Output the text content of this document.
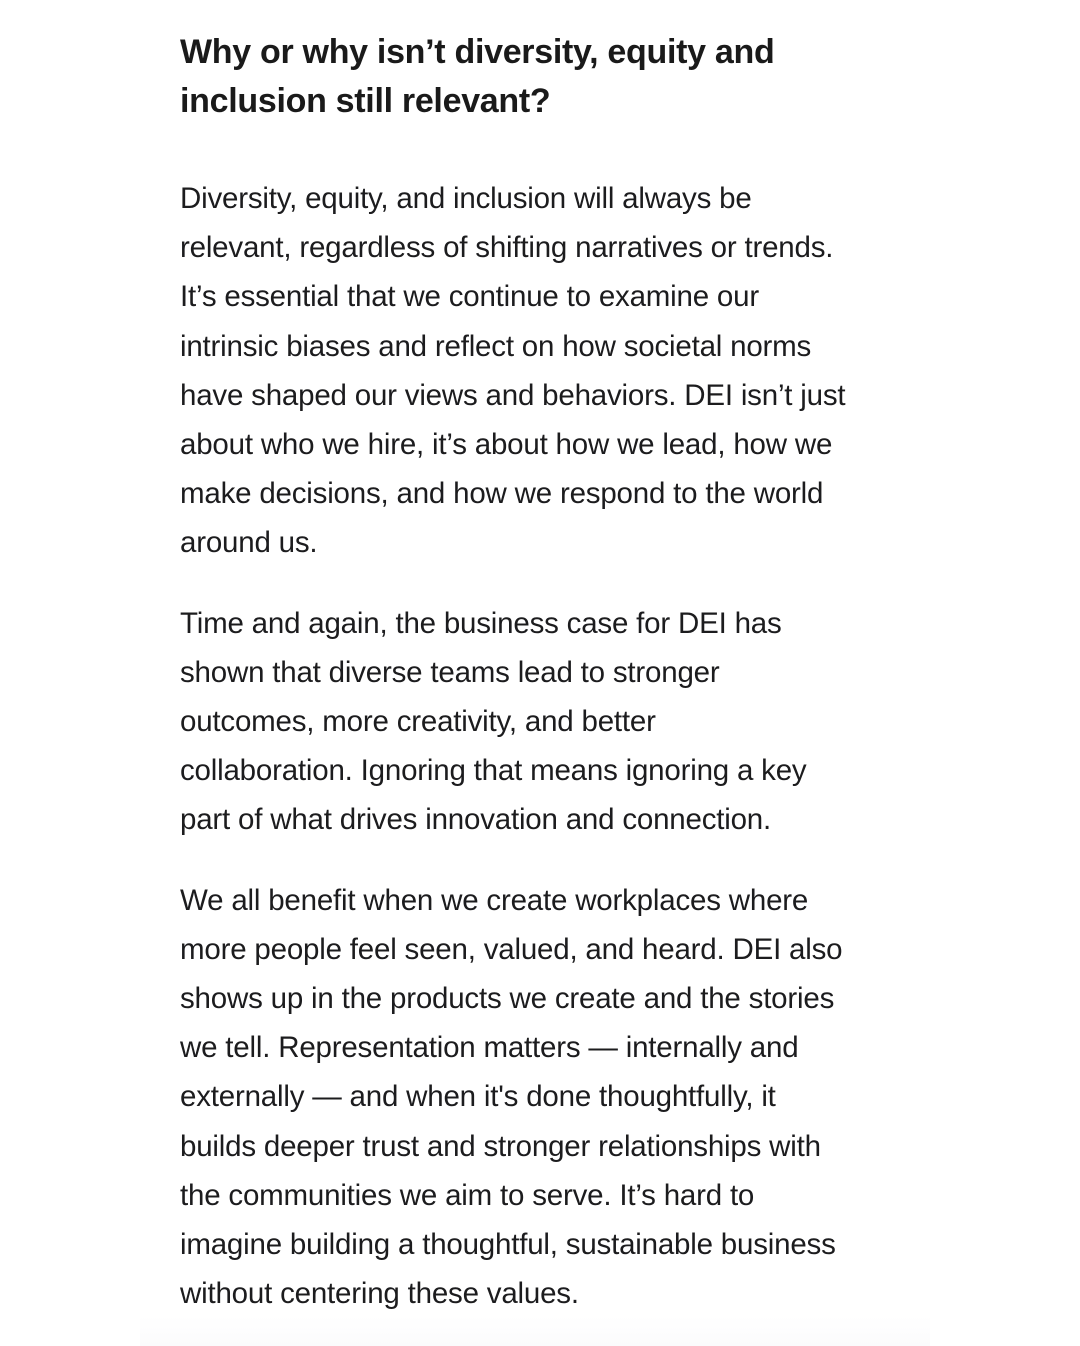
Why or why isn’t diversity, equity and
inclusion still relevant?

Diversity, equity, and inclusion will always be
relevant, regardless of shifting narratives or trends.
It’s essential that we continue to examine our
intrinsic biases and reflect on how societal norms
have shaped our views and behaviors. DEI isn’t just
about who we hire, it’s about how we lead, how we
make decisions, and how we respond to the world
around us.

Time and again, the business case for DEI has
shown that diverse teams lead to stronger
outcomes, more creativity, and better
collaboration. Ignoring that means ignoring a key
part of what drives innovation and connection.

We all benefit when we create workplaces where
more people feel seen, valued, and heard. DEI also
shows up in the products we create and the stories
we tell. Representation matters — internally and
externally — and when it's done thoughtfully, it
builds deeper trust and stronger relationships with
the communities we aim to serve. It’s hard to
imagine building a thoughtful, sustainable business
without centering these values.
